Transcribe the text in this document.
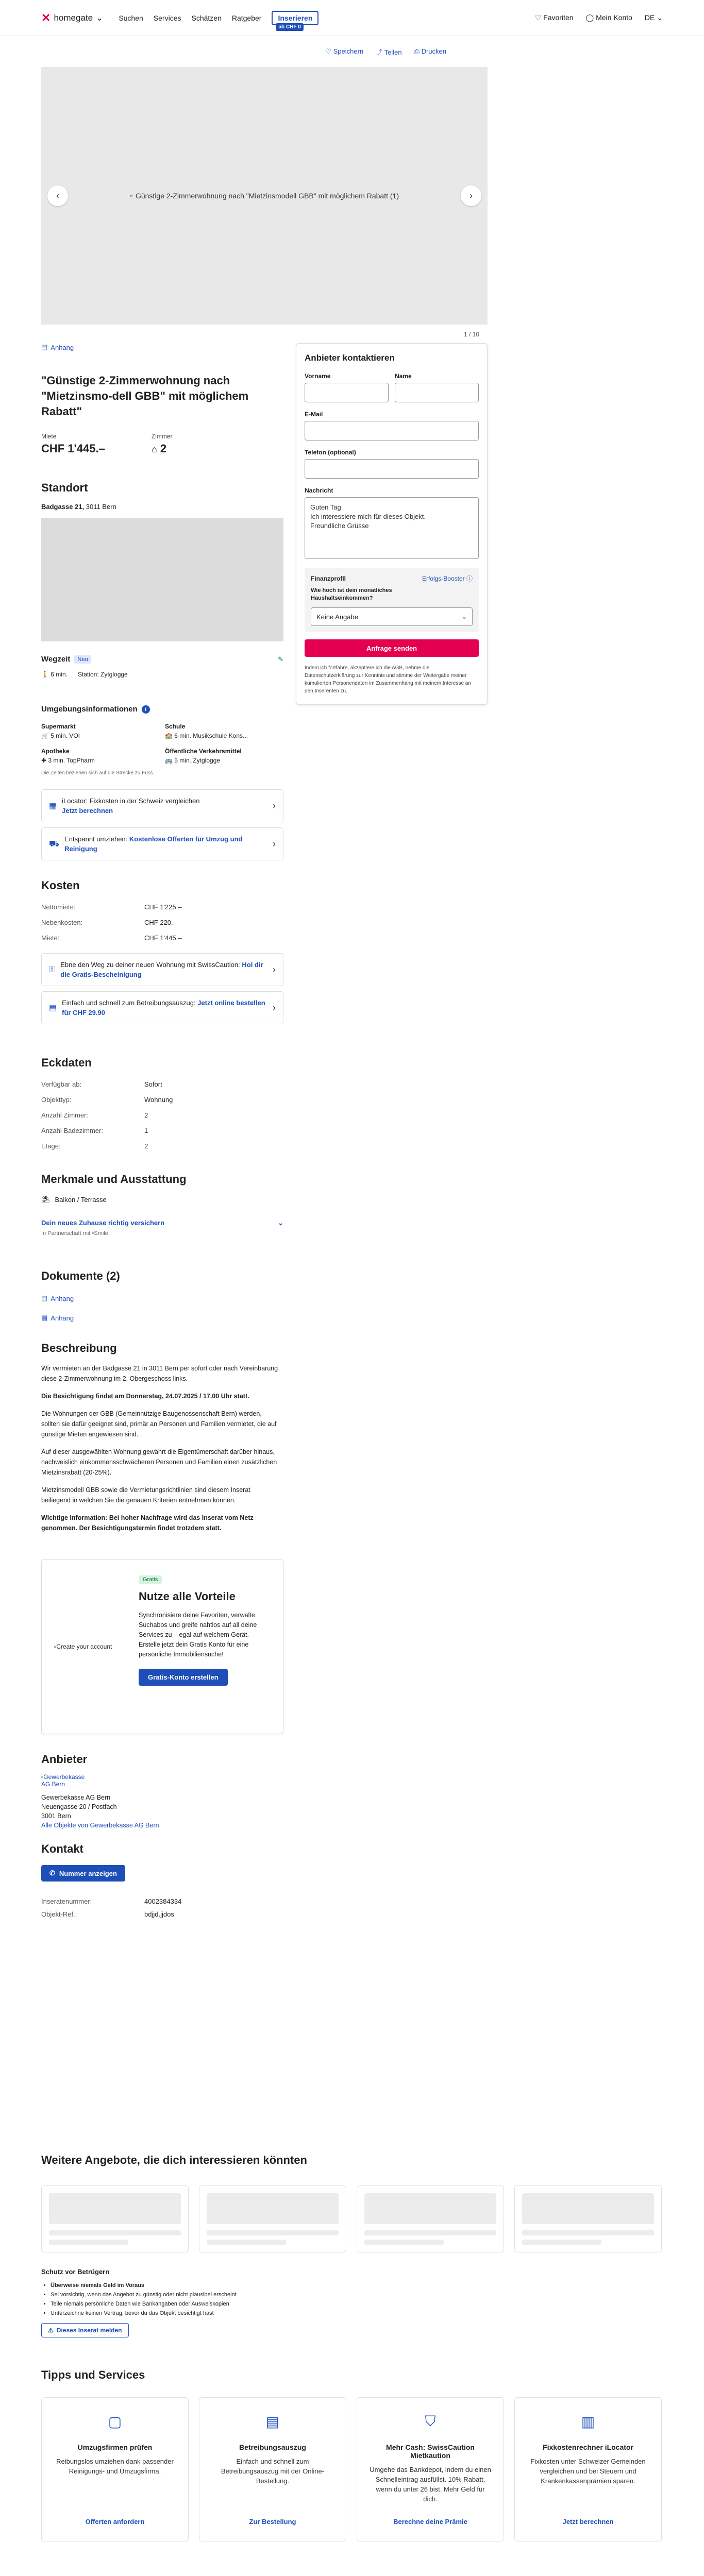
✕ homegate ⌄ Suchen Services Schätzen Ratgeber	Inserieren
ab CHF 0
♡ Favoriten ◯ Mein Konto DE ⌄
♡ Speichern ⤴ Teilen ⎙ Drucken
▫ Günstige 2-Zimmerwohnung nach "Mietzinsmodell GBB" mit möglichem Rabatt (1)
‹	›
1 / 10
▤ Anhang
"Günstige 2-Zimmerwohnung nach "Mietzinsmo-dell GBB" mit möglichem Rabatt"
Miete
CHF 1'445.–
Zimmer
⌂ 2
Standort
Badgasse 21, 3011 Bern
Wegzeit	Neu	✎
🚶 6 min. Station: Zytglogge
Umgebungsinformationen	i
Supermarkt
🛒 5 min. VOI
Schule
🏫 6 min. Musikschule Kons...
Apotheke
✚ 3 min. TopPharm
Öffentliche Verkehrsmittel
🚌 5 min. Zytglogge
Die Zeiten beziehen sich auf die Strecke zu Fuss.
▦
iLocator: Fixkosten in der Schweiz vergleichen
Jetzt berechnen	›
⛟
Entspannt umziehen: Kostenlose Offerten für Umzug und Reinigung	›
Kosten
Nettomiete:	CHF 1'225.–
Nebenkosten:	CHF 220.–
Miete:	CHF 1'445.–
⚿
Ebne den Weg zu deiner neuen Wohnung mit SwissCaution: Hol dir die Gratis-Bescheinigung	›
▤
Einfach und schnell zum Betreibungsauszug: Jetzt online bestellen für CHF 29.90	›
Eckdaten
Verfügbar ab:	Sofort
Objekttyp:	Wohnung
Anzahl Zimmer:	2
Anzahl Badezimmer:	1
Etage:	2
Merkmale und Ausstattung
⛱ Balkon / Terrasse
Dein neues Zuhause richtig versichern	⌄
In Partnerschaft mit ▫Smile
Dokumente (2)
▤ Anhang
▤ Anhang
Beschreibung

Wir vermieten an der Badgasse 21 in 3011 Bern per sofort oder nach Vereinbarung diese 2-Zimmerwohnung im 2. Obergeschoss links.

Die Besichtigung findet am Donnerstag, 24.07.2025 / 17.00 Uhr statt.

Die Wohnungen der GBB (Gemeinnützige Baugenossenschaft Bern) werden, sollten sie dafür geeignet sind, primär an Personen und Familien vermietet, die auf günstige Mieten angewiesen sind.

Auf dieser ausgewählten Wohnung gewährt die Eigentümerschaft darüber hinaus, nachweislich einkommensschwächeren Personen und Familien einen zusätzlichen Mietzinsrabatt (20-25%).

Mietzinsmodell GBB sowie die Vermietungsrichtlinien sind diesem Inserat beiliegend in welchen Sie die genauen Kriterien entnehmen können.

Wichtige Information: Bei hoher Nachfrage wird das Inserat vom Netz genommen. Der Besichtigungstermin findet trotzdem statt.

▫ Create your account
Gratis
Nutze alle Vorteile
Synchronisiere deine Favoriten, verwalte Suchabos und greife nahtlos auf all deine Services zu – egal auf welchem Gerät. Erstelle jetzt dein Gratis Konto für eine persönliche Immobiliensuche!
Gratis-Konto erstellen
Anbieter
▫Gewerbekasse AG Bern
Gewerbekasse AG Bern
Neuengasse 20 / Postfach
3001 Bern
Alle Objekte von Gewerbekasse AG Bern
Kontakt
✆ Nummer anzeigen
Inseratenummer:	4002384334
Objekt-Ref.:	bdjjd.jjdos
Anbieter kontaktieren
Vorname	Name
E-Mail
Telefon (optional)
Nachricht
Guten Tag Ich interessiere mich für dieses Objekt. Freundliche Grüsse
Finanzprofil	Erfolgs-Booster ⓘ
Wie hoch ist dein monatliches Haushaltseinkommen?
Keine Angabe	⌄
Anfrage senden
Indem ich fortfahre, akzeptiere ich die AGB, nehme die Datenschutzerklärung zur Kenntnis und stimme der Weitergabe meiner kumulierten Personendaten im Zusammenhang mit meinem Interesse an den Inserenten zu.
Weitere Angebote, die dich interessieren könnten
Schutz vor Betrügern
• Überweise niemals Geld im Voraus
• Sei vorsichtig, wenn das Angebot zu günstig oder nicht plausibel erscheint
• Teile niemals persönliche Daten wie Bankangaben oder Ausweiskopien
• Unterzeichne keinen Vertrag, bevor du das Objekt besichtigt hast
⚠ Dieses Inserat melden
Tipps und Services
▢
Umzugsfirmen prüfen
Reibungslos umziehen dank passender Reinigungs- und Umzugsfirma.
Offerten anfordern
▤
Betreibungsauszug
Einfach und schnell zum Betreibungsauszug mit der Online-Bestellung.
Zur Bestellung
⛉
Mehr Cash: SwissCaution Mietkaution
Umgehe das Bankdepot, indem du einen Schnelleintrag ausfüllst. 10% Rabatt, wenn du unter 26 bist. Mehr Geld für dich.
Berechne deine Prämie
▥
Fixkostenrechner iLocator
Fixkosten unter Schweizer Gemeinden vergleichen und bei Steuern und Krankenkassenprämien sparen.
Jetzt berechnen
